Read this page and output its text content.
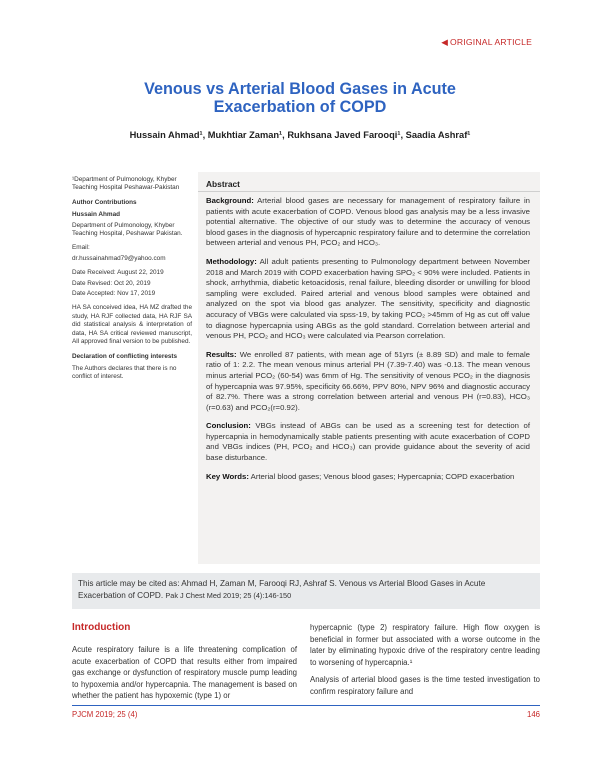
◀ ORIGINAL ARTICLE
Venous vs Arterial Blood Gases in Acute
Exacerbation of COPD
Hussain Ahmad¹, Mukhtiar Zaman¹, Rukhsana Javed Farooqi¹, Saadia Ashraf¹

¹Department of Pulmonology, Khyber Teaching Hospital Peshawar-Pakistan

Author Contributions

Hussain Ahmad

Department of Pulmonology, Khyber Teaching Hospital, Peshawar Pakistan.

Email:

dr.hussainahmad79@yahoo.com

Date Received: August 22, 2019

Date Revised: Oct 20, 2019

Date Accepted: Nov 17, 2019

HA SA conceived idea, HA MZ drafted the study, HA RJF collected data, HA RJF SA did statistical analysis & interpretation of data, HA SA critical reviewed manuscript, All approved final version to be published.

Declaration of conflicting interests

The Authors declares that there is no conflict of interest.

Abstract

Background: Arterial blood gases are necessary for management of respiratory failure in patients with acute exacerbation of COPD. Venous blood gas analysis may be a less invasive potential alternative. The objective of our study was to determine the accuracy of venous blood gases in the diagnosis of hypercapnic respiratory failure and to determine the correlation between arterial and venous PH, PCO₂ and HCO₃.

Methodology: All adult patients presenting to Pulmonology department between November 2018 and March 2019 with COPD exacerbation having SPO₂ < 90% were included. Patients in shock, arrhythmia, diabetic ketoacidosis, renal failure, bleeding disorder or unwilling for blood sampling were excluded. Paired arterial and venous blood samples were obtained and analyzed on the spot via blood gas analyzer. The sensitivity, specificity and diagnostic accuracy of VBGs were calculated via spss-19, by taking PCO₂ >45mm of Hg as cut off value to diagnose hypercapnia using ABGs as the gold standard. Correlation between arterial and venous PH, PCO₂ and HCO₃ were calculated via Pearson correlation.

Results: We enrolled 87 patients, with mean age of 51yrs (± 8.89 SD) and male to female ratio of 1: 2.2. The mean venous minus arterial PH (7.39-7.40) was -0.13. The mean venous minus arterial PCO₂ (60-54) was 6mm of Hg. The sensitivity of venous PCO₂ in the diagnosis of hypercapnia was 97.95%, specificity 66.66%, PPV 80%, NPV 96% and diagnostic accuracy of 82.7%. There was a strong correlation between arterial and venous PH (r=0.83), HCO₃ (r=0.63) and PCO₂(r=0.92).

Conclusion: VBGs instead of ABGs can be used as a screening test for detection of hypercapnia in hemodynamically stable patients presenting with acute exacerbation of COPD and VBGs indices (PH, PCO₂ and HCO₃) can provide guidance about the severity of acid base disturbance.

Key Words: Arterial blood gases; Venous blood gases; Hypercapnia; COPD exacerbation

This article may be cited as: Ahmad H, Zaman M, Farooqi RJ, Ashraf S. Venous vs Arterial Blood Gases in Acute Exacerbation of COPD. Pak J Chest Med 2019; 25 (4):146-150
Introduction

Acute respiratory failure is a life threatening complication of acute exacerbation of COPD that results either from impaired gas exchange or dysfunction of respiratory muscle pump leading to hypoxemia and/or hypercapnia. The management is based on whether the patient has hypoxemic (type 1) or

hypercapnic (type 2) respiratory failure. High flow oxygen is beneficial in former but associated with a worse outcome in the later by eliminating hypoxic drive of the respiratory centre leading to worsening of hypercapnia.¹

Analysis of arterial blood gases is the time tested investigation to confirm respiratory failure and

PJCM 2019; 25 (4)	146
